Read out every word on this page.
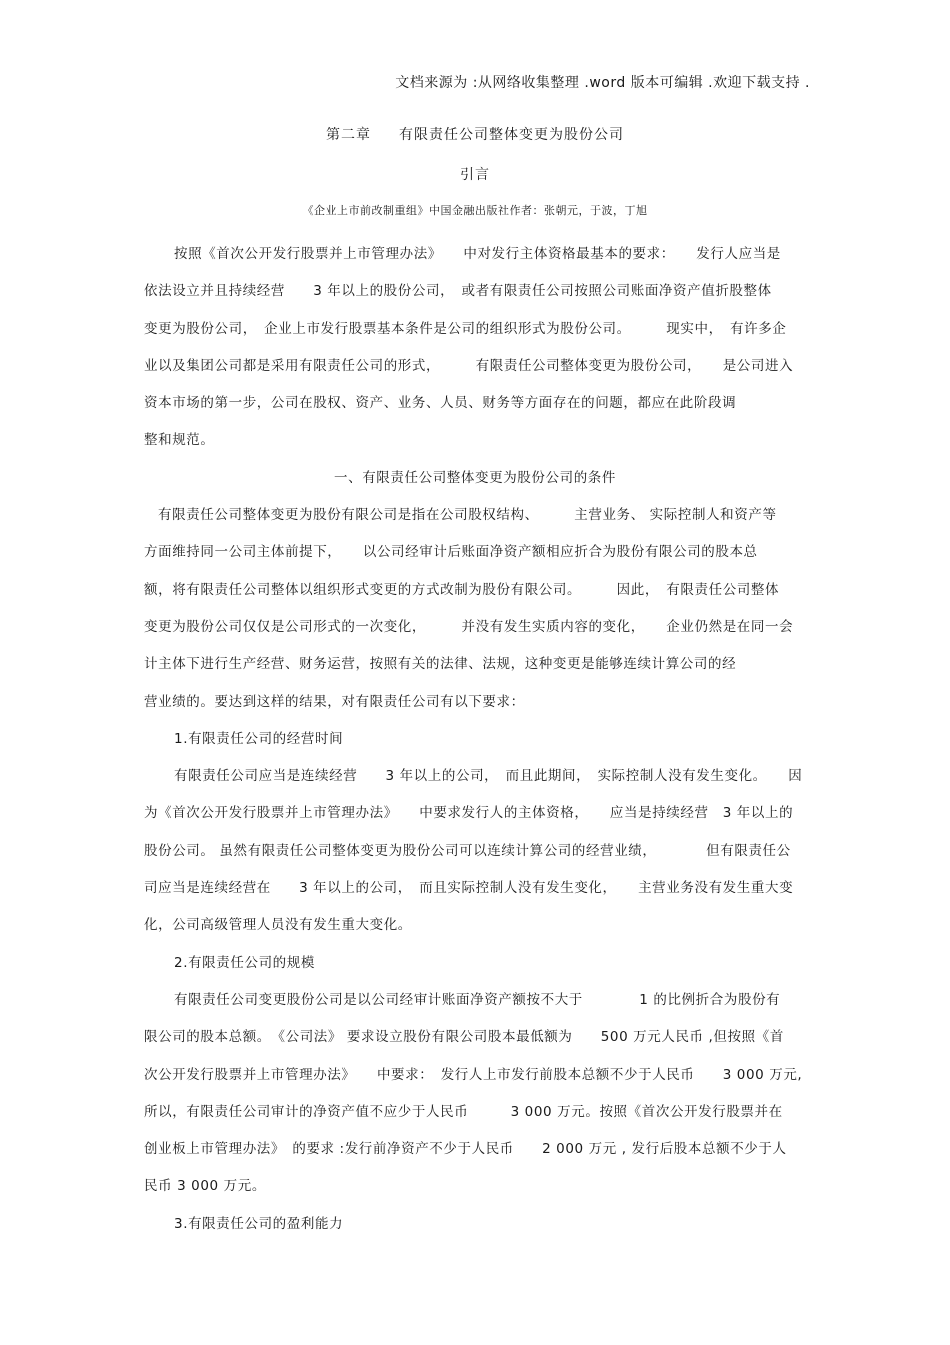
文档来源为 :从网络收集整理 .word 版本可编辑 .欢迎下载支持 .
第二章 有限责任公司整体变更为股份公司
引言
《企业上市前改制重组》中国金融出版社作者：张朝元，于波，丁旭
按照《首次公开发行股票并上市管理办法》　　中对发行主体资格最基本的要求：　　发行人应当是
依法设立并且持续经营　　3 年以上的股份公司，　或者有限责任公司按照公司账面净资产值折股整体
变更为股份公司，　企业上市发行股票基本条件是公司的组织形式为股份公司。　　　现实中，　有许多企
业以及集团公司都是采用有限责任公司的形式，　　　有限责任公司整体变更为股份公司，　　是公司进入
资本市场的第一步，公司在股权、资产、业务、人员、财务等方面存在的问题，都应在此阶段调
整和规范。
一、有限责任公司整体变更为股份公司的条件
有限责任公司整体变更为股份有限公司是指在公司股权结构、　　　主营业务、 实际控制人和资产等
方面维持同一公司主体前提下，　　以公司经审计后账面净资产额相应折合为股份有限公司的股本总
额，将有限责任公司整体以组织形式变更的方式改制为股份有限公司。　　　因此，　有限责任公司整体
变更为股份公司仅仅是公司形式的一次变化，　　　并没有发生实质内容的变化，　　企业仍然是在同一会
计主体下进行生产经营、财务运营，按照有关的法律、法规，这种变更是能够连续计算公司的经
营业绩的。要达到这样的结果，对有限责任公司有以下要求：
1.有限责任公司的经营时间
有限责任公司应当是连续经营　　3 年以上的公司，　而且此期间，　实际控制人没有发生变化。　　因
为《首次公开发行股票并上市管理办法》　　中要求发行人的主体资格，　　应当是持续经营　3 年以上的
股份公司。 虽然有限责任公司整体变更为股份公司可以连续计算公司的经营业绩，　　　　但有限责任公
司应当是连续经营在　　3 年以上的公司，　而且实际控制人没有发生变化，　　主营业务没有发生重大变
化，公司高级管理人员没有发生重大变化。
2.有限责任公司的规模
有限责任公司变更股份公司是以公司经审计账面净资产额按不大于　　　　1 的比例折合为股份有
限公司的股本总额。　《公司法》 要求设立股份有限公司股本最低额为　　500 万元人民币 ,但按照《首
次公开发行股票并上市管理办法》　　中要求：　发行人上市发行前股本总额不少于人民币　　3 000 万元,
所以，有限责任公司审计的净资产值不应少于人民币　　　3 000 万元。按照《首次公开发行股票并在
创业板上市管理办法》　的要求 :发行前净资产不少于人民币　　2 000 万元 , 发行后股本总额不少于人
民币 3 000 万元。
3.有限责任公司的盈利能力
